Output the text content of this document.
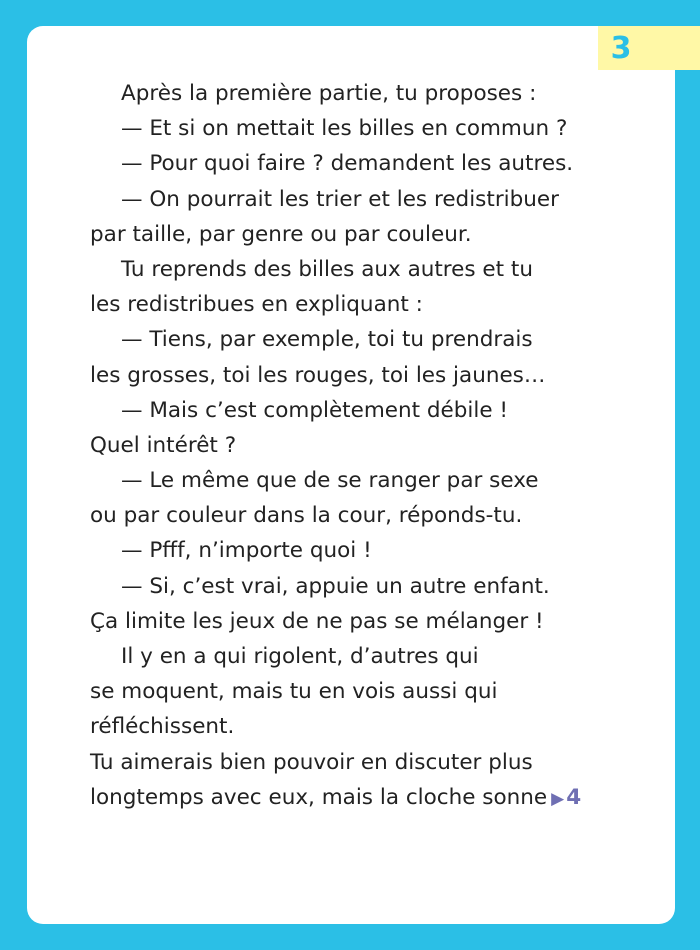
3
Après la première partie, tu proposes :
— Et si on mettait les billes en commun ?
— Pour quoi faire ? demandent les autres.
— On pourrait les trier et les redistribuer
par taille, par genre ou par couleur.
Tu reprends des billes aux autres et tu
les redistribues en expliquant :
— Tiens, par exemple, toi tu prendrais
les grosses, toi les rouges, toi les jaunes…
— Mais c’est complètement débile !
Quel intérêt ?
— Le même que de se ranger par sexe
ou par couleur dans la cour, réponds-tu.
— Pfff, n’importe quoi !
— Si, c’est vrai, appuie un autre enfant.
Ça limite les jeux de ne pas se mélanger !
Il y en a qui rigolent, d’autres qui
se moquent, mais tu en vois aussi qui
réfléchissent.
Tu aimerais bien pouvoir en discuter plus
longtemps avec eux, mais la cloche sonne ▶4
